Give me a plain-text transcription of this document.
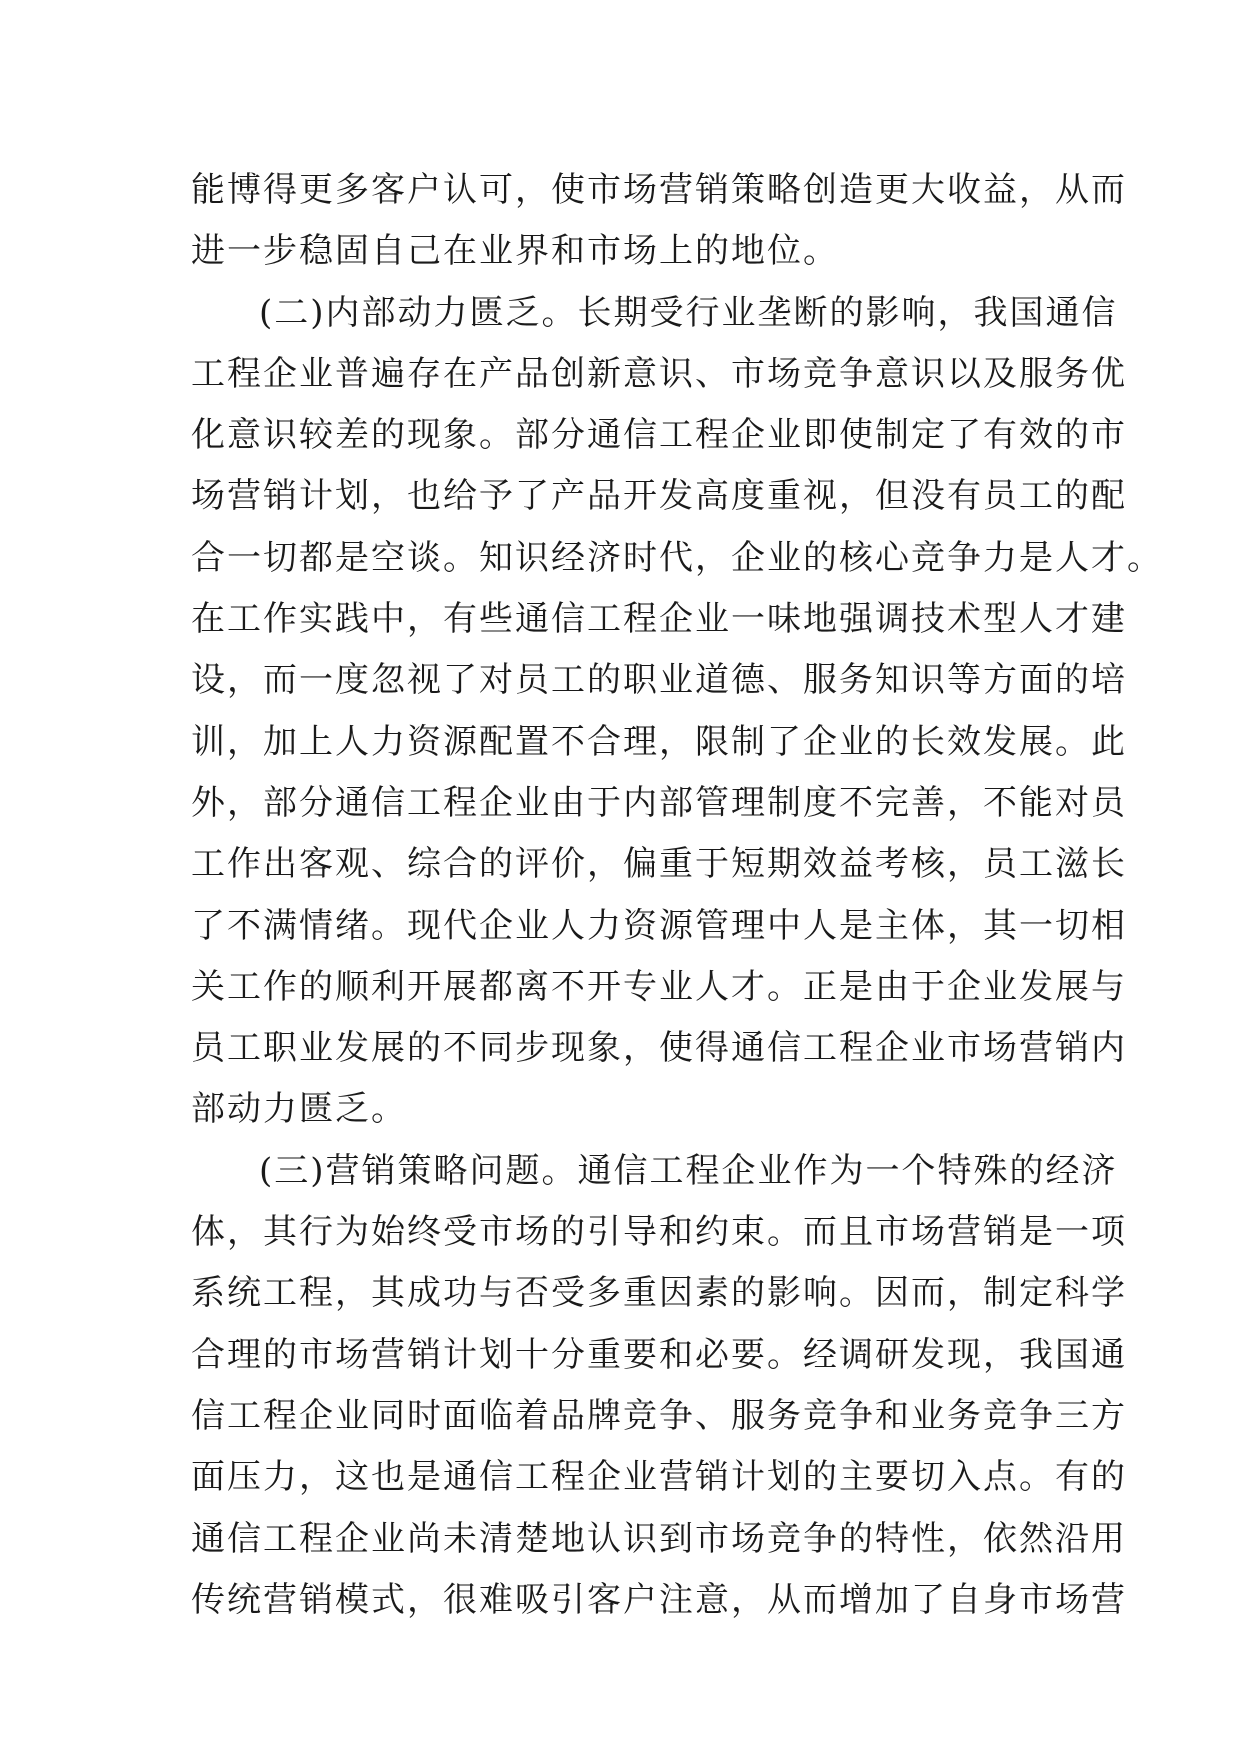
能博得更多客户认可，使市场营销策略创造更大收益，从而
进一步稳固自己在业界和市场上的地位。
(二)内部动力匮乏。长期受行业垄断的影响，我国通信
工程企业普遍存在产品创新意识、市场竞争意识以及服务优
化意识较差的现象。部分通信工程企业即使制定了有效的市
场营销计划，也给予了产品开发高度重视，但没有员工的配
合一切都是空谈。知识经济时代，企业的核心竞争力是人才。
在工作实践中，有些通信工程企业一味地强调技术型人才建
设，而一度忽视了对员工的职业道德、服务知识等方面的培
训，加上人力资源配置不合理，限制了企业的长效发展。此
外，部分通信工程企业由于内部管理制度不完善，不能对员
工作出客观、综合的评价，偏重于短期效益考核，员工滋长
了不满情绪。现代企业人力资源管理中人是主体，其一切相
关工作的顺利开展都离不开专业人才。正是由于企业发展与
员工职业发展的不同步现象，使得通信工程企业市场营销内
部动力匮乏。
(三)营销策略问题。通信工程企业作为一个特殊的经济
体，其行为始终受市场的引导和约束。而且市场营销是一项
系统工程，其成功与否受多重因素的影响。因而，制定科学
合理的市场营销计划十分重要和必要。经调研发现，我国通
信工程企业同时面临着品牌竞争、服务竞争和业务竞争三方
面压力，这也是通信工程企业营销计划的主要切入点。有的
通信工程企业尚未清楚地认识到市场竞争的特性，依然沿用
传统营销模式，很难吸引客户注意，从而增加了自身市场营
